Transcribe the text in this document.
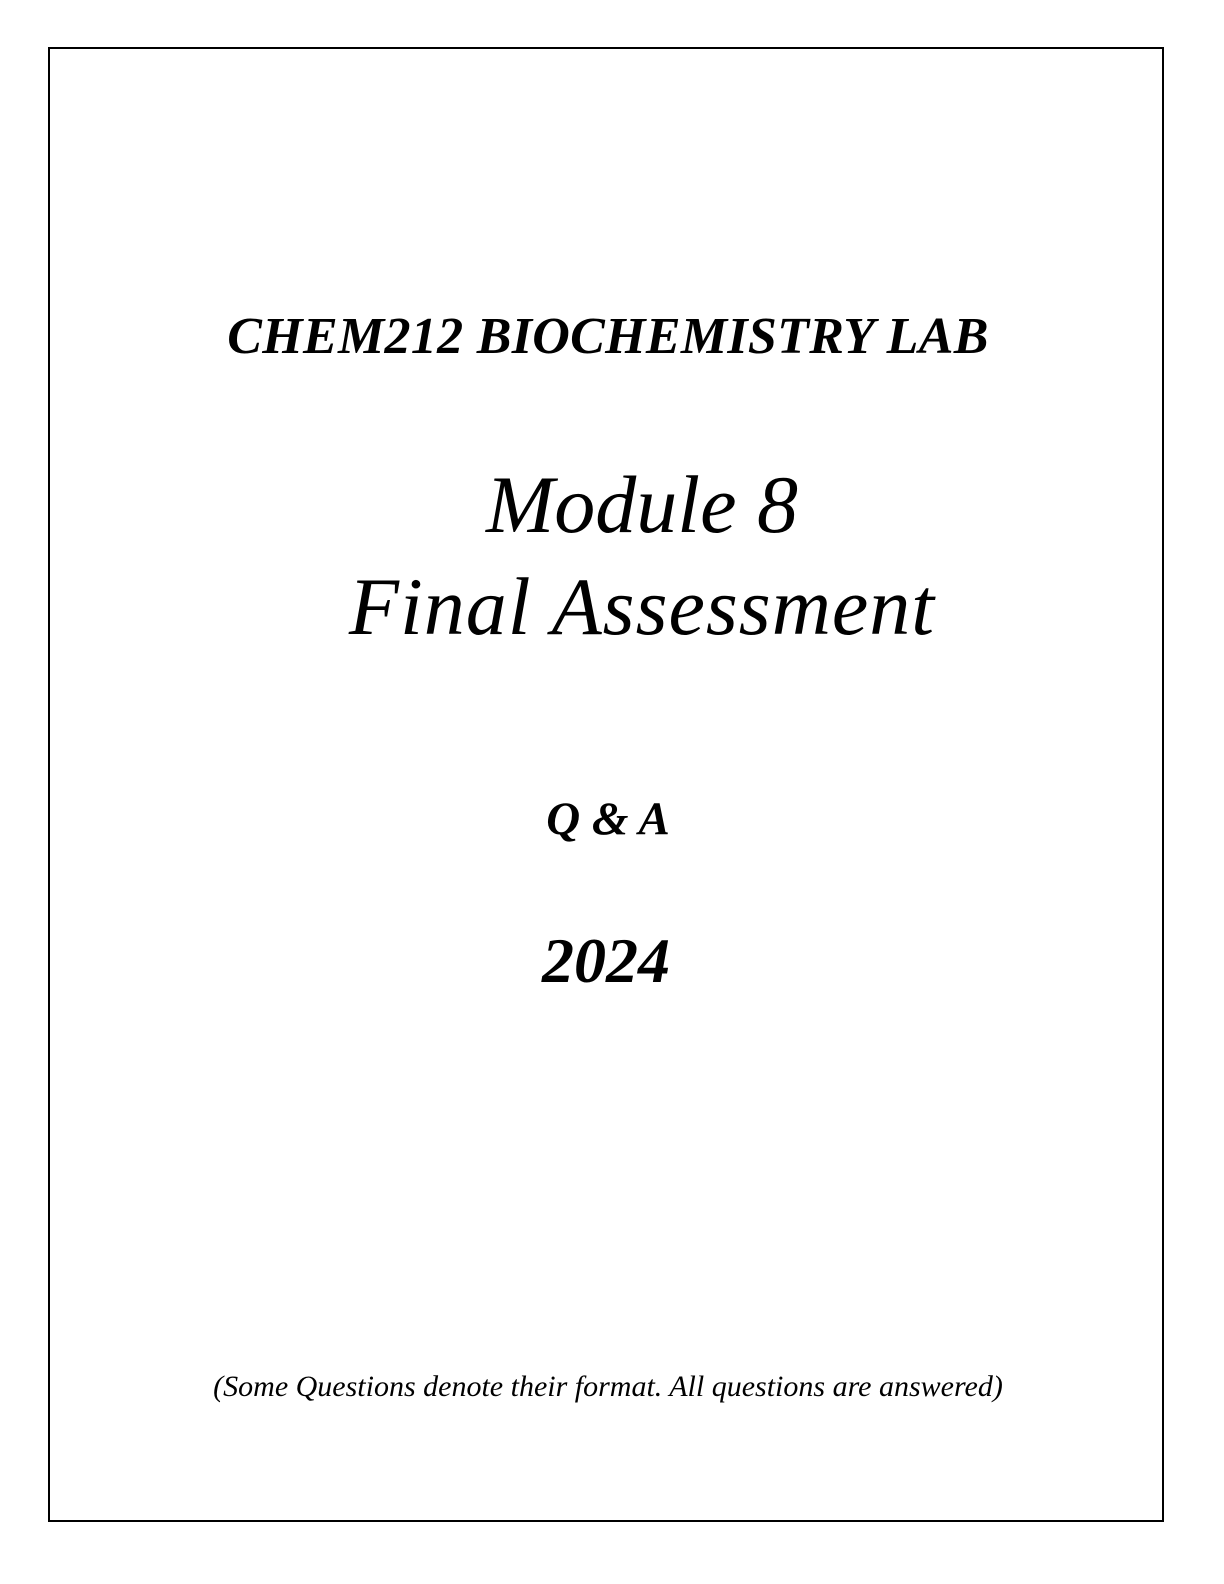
CHEM212 BIOCHEMISTRY LAB
Module 8
Final Assessment
Q & A
2024
(Some Questions denote their format. All questions are answered)
